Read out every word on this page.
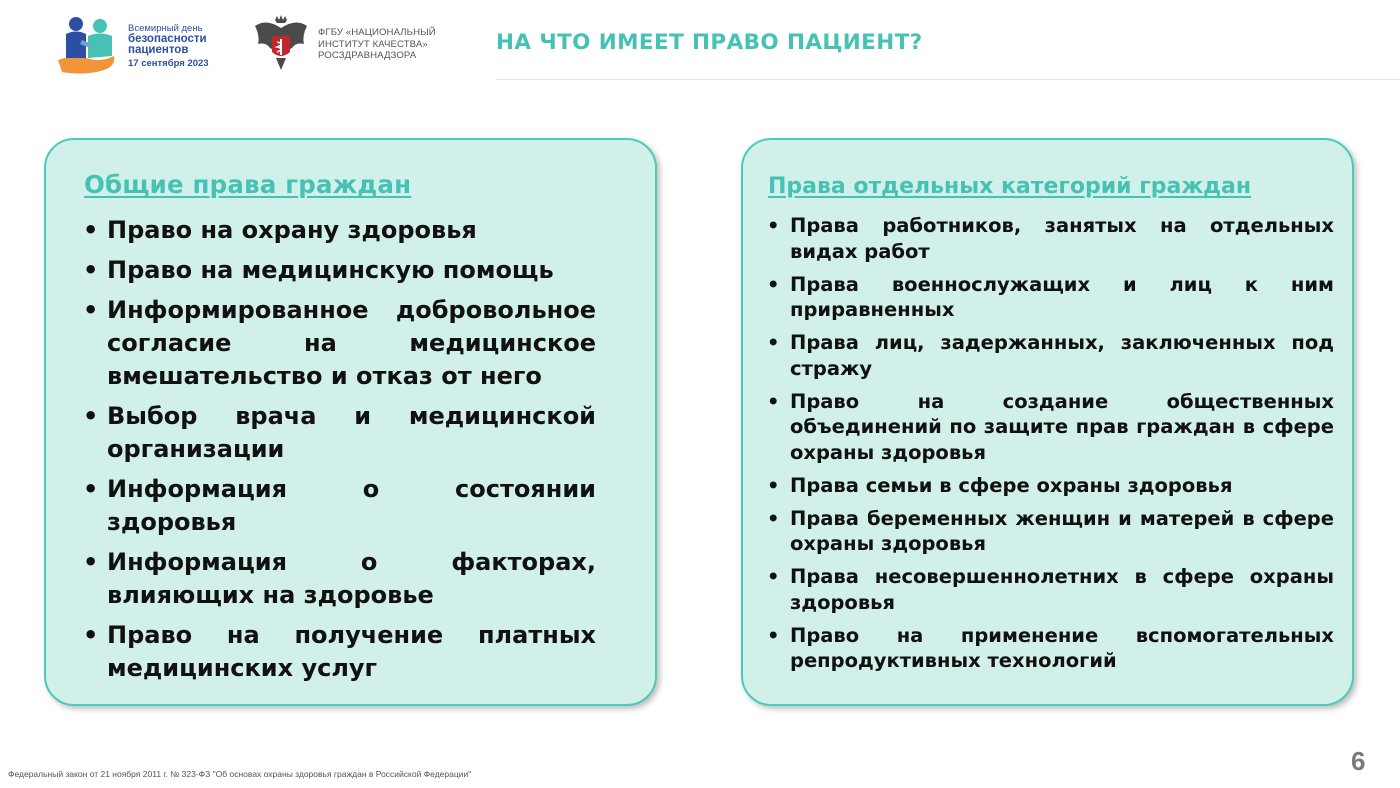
Всемирный день
безопасности
пациентов
17 сентября 2023
ФГБУ «НАЦИОНАЛЬНЫЙ
ИНСТИТУТ КАЧЕСТВА»
РОСЗДРАВНАДЗОРА
НА ЧТО ИМЕЕТ ПРАВО ПАЦИЕНТ?
Общие права граждан
• Право на охрану здоровья
• Право на медицинскую помощь
• Информированное добровольное согласие на медицинское вмешательство и отказ от него
• Выбор врача и медицинской организации
• Информация о состоянии здоровья
• Информация о факторах, влияющих на здоровье
• Право на получение платных медицинских услуг
Права отдельных категорий граждан
• Права работников, занятых на отдельных видах работ
• Права военнослужащих и лиц к ним приравненных
• Права лиц, задержанных, заключенных под стражу
• Право на создание общественных объединений по защите прав граждан в сфере охраны здоровья
• Права семьи в сфере охраны здоровья
• Права беременных женщин и матерей в сфере охраны здоровья
• Права несовершеннолетних в сфере охраны здоровья
• Право на применение вспомогательных репродуктивных технологий
Федеральный закон от 21 ноября 2011 г. № 323-ФЗ "Об основах охраны здоровья граждан в Российской Федерации"	6
